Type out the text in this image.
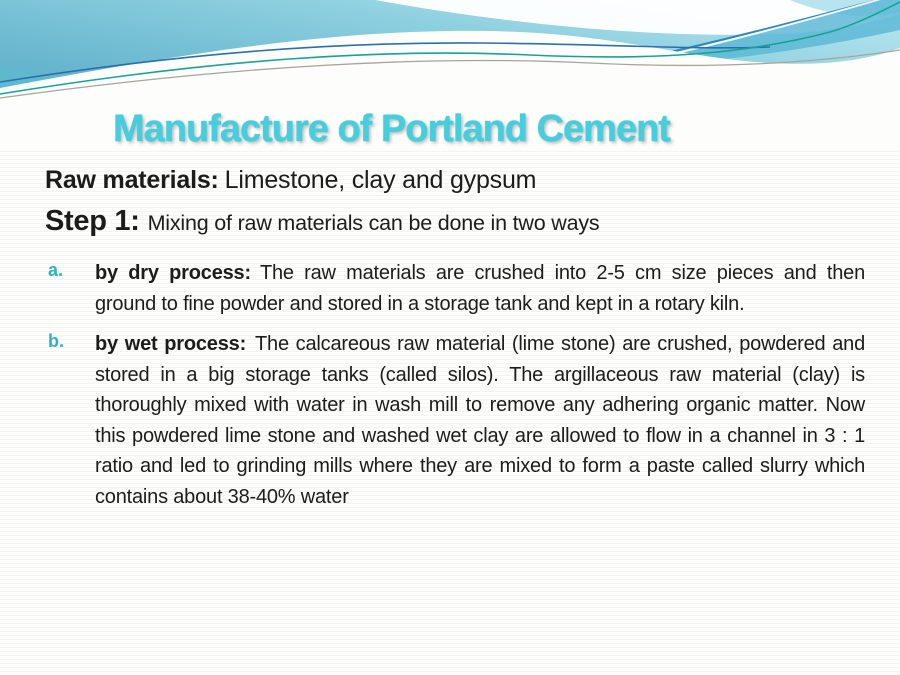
Manufacture of Portland Cement

Raw materials: Limestone, clay and gypsum

Step 1: Mixing of raw materials can be done in two ways

a. by dry process: The raw materials are crushed into 2-5 cm size pieces and then ground to fine powder and stored in a storage tank and kept in a rotary kiln.
b. by wet process: The calcareous raw material (lime stone) are crushed, powdered and stored in a big storage tanks (called silos). The argillaceous raw material (clay) is thoroughly mixed with water in wash mill to remove any adhering organic matter. Now this powdered lime stone and washed wet clay are allowed to flow in a channel in 3 : 1 ratio and led to grinding mills where they are mixed to form a paste called slurry which contains about 38-40% water
